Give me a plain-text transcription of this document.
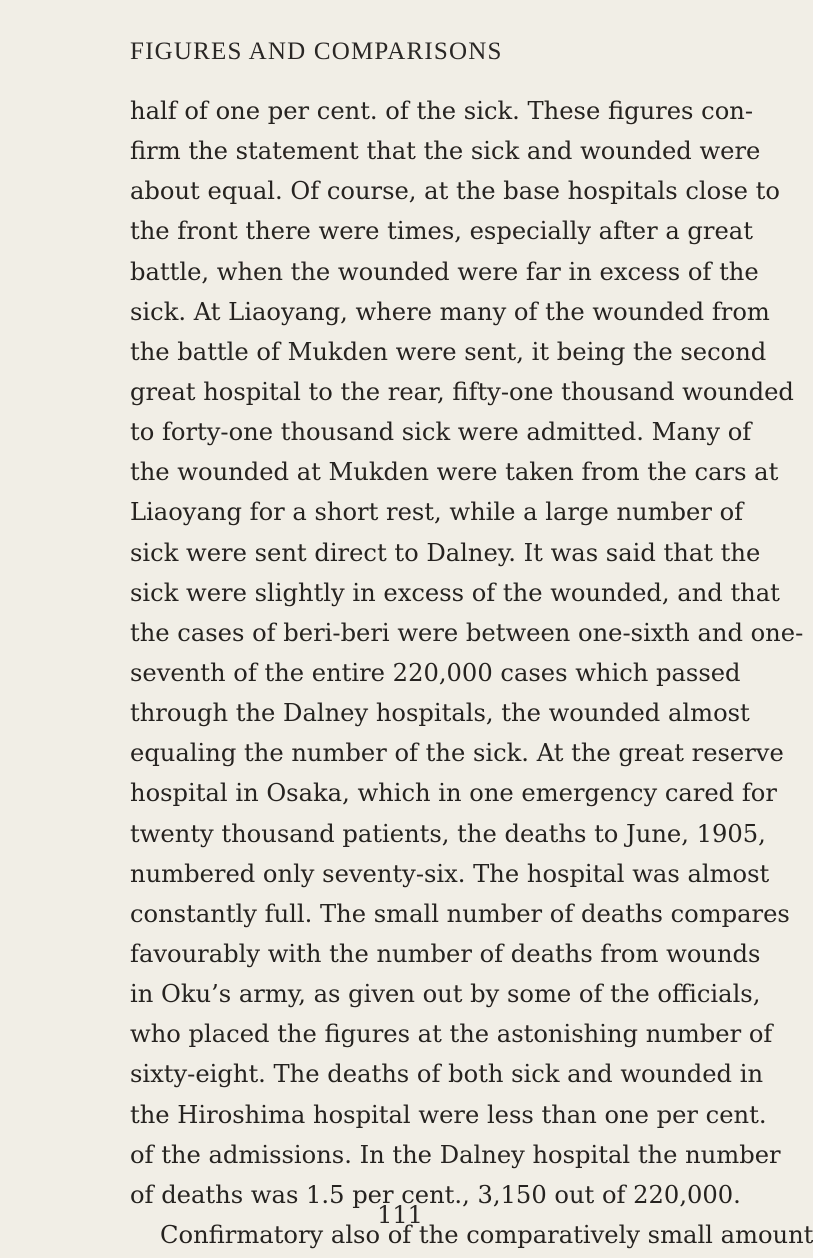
FIGURES AND COMPARISONS
half of one per cent. of the sick. These figures con-
firm the statement that the sick and wounded were
about equal. Of course, at the base hospitals close to
the front there were times, especially after a great
battle, when the wounded were far in excess of the
sick. At Liaoyang, where many of the wounded from
the battle of Mukden were sent, it being the second
great hospital to the rear, fifty-one thousand wounded
to forty-one thousand sick were admitted. Many of
the wounded at Mukden were taken from the cars at
Liaoyang for a short rest, while a large number of
sick were sent direct to Dalney. It was said that the
sick were slightly in excess of the wounded, and that
the cases of beri-beri were between one-sixth and one-
seventh of the entire 220,000 cases which passed
through the Dalney hospitals, the wounded almost
equaling the number of the sick. At the great reserve
hospital in Osaka, which in one emergency cared for
twenty thousand patients, the deaths to June, 1905,
numbered only seventy-six. The hospital was almost
constantly full. The small number of deaths compares
favourably with the number of deaths from wounds
in Oku’s army, as given out by some of the officials,
who placed the figures at the astonishing number of
sixty-eight. The deaths of both sick and wounded in
the Hiroshima hospital were less than one per cent.
of the admissions. In the Dalney hospital the number
of deaths was 1.5 per cent., 3,150 out of 220,000.
Confirmatory also of the comparatively small amount
111
